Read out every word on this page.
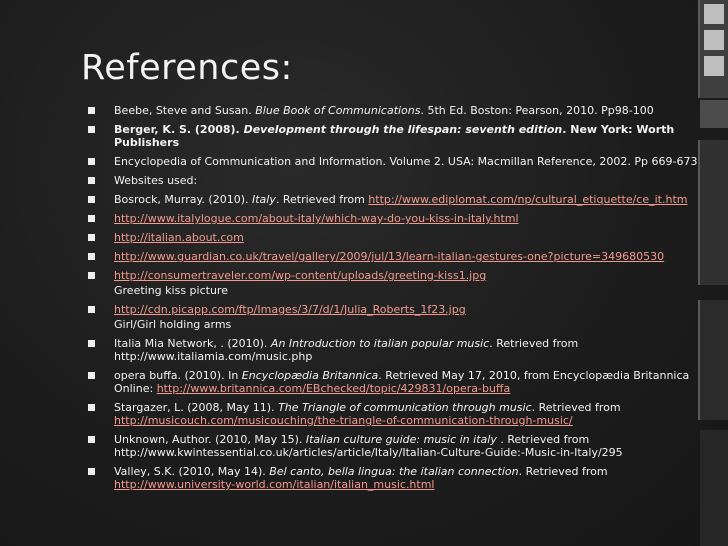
References:
Beebe, Steve and Susan. Blue Book of Communications. 5th Ed. Boston: Pearson, 2010. Pp98-100
Berger, K. S. (2008). Development through the lifespan: seventh edition. New York: Worth Publishers
Encyclopedia of Communication and Information. Volume 2. USA: Macmillan Reference, 2002. Pp 669-673
Websites used:
Bosrock, Murray. (2010). Italy. Retrieved from http://www.ediplomat.com/np/cultural_etiquette/ce_it.htm
http://www.italylogue.com/about-italy/which-way-do-you-kiss-in-italy.html
http://italian.about.com
http://www.guardian.co.uk/travel/gallery/2009/jul/13/learn-italian-gestures-one?picture=349680530
http://consumertraveler.com/wp-content/uploads/greeting-kiss1.jpg
Greeting kiss picture
http://cdn.picapp.com/ftp/Images/3/7/d/1/Julia_Roberts_1f23.jpg
Girl/Girl holding arms
Italia Mia Network, . (2010). An Introduction to italian popular music. Retrieved from http://www.italiamia.com/music.php
opera buffa. (2010). In Encyclopædia Britannica. Retrieved May 17, 2010, from Encyclopædia Britannica Online: http://www.britannica.com/EBchecked/topic/429831/opera-buffa
Stargazer, L. (2008, May 11). The Triangle of communication through music. Retrieved from http://musicouch.com/musicouching/the-triangle-of-communication-through-music/
Unknown, Author. (2010, May 15). Italian culture guide: music in italy . Retrieved from http://www.kwintessential.co.uk/articles/article/Italy/Italian-Culture-Guide:-Music-in-Italy/295
Valley, S.K. (2010, May 14). Bel canto, bella lingua: the italian connection. Retrieved from http://www.university-world.com/italian/italian_music.html
